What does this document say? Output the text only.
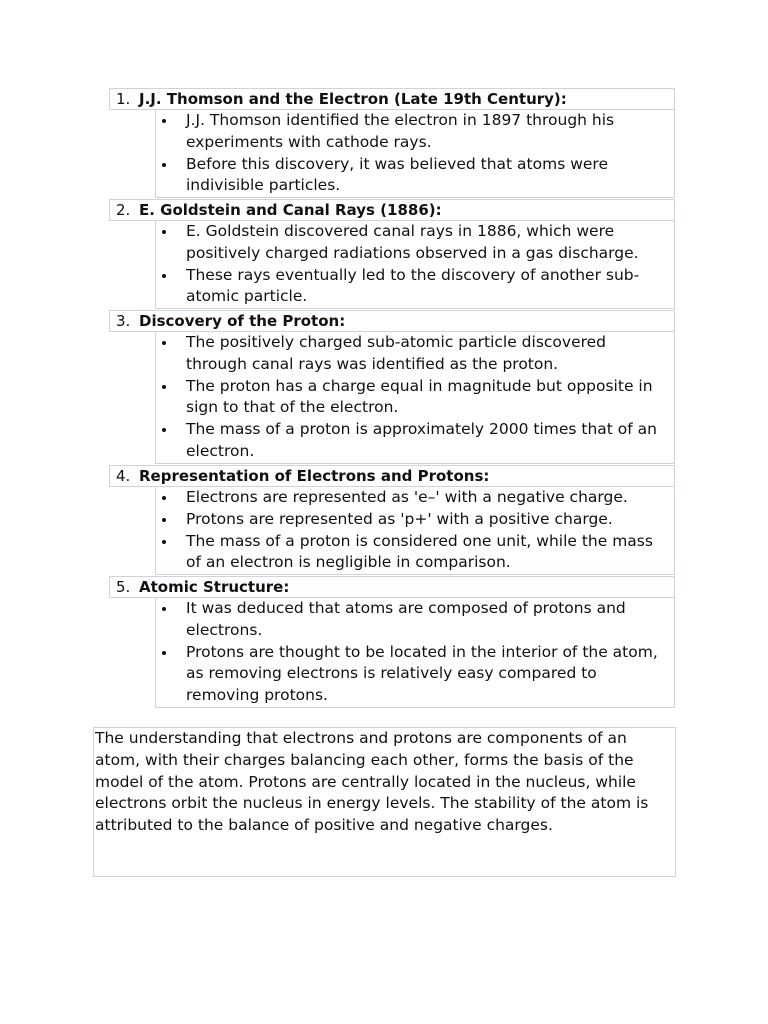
1. J.J. Thomson and the Electron (Late 19th Century):
J.J. Thomson identified the electron in 1897 through his experiments with cathode rays.
Before this discovery, it was believed that atoms were indivisible particles.
2. E. Goldstein and Canal Rays (1886):
E. Goldstein discovered canal rays in 1886, which were positively charged radiations observed in a gas discharge.
These rays eventually led to the discovery of another sub-atomic particle.
3. Discovery of the Proton:
The positively charged sub-atomic particle discovered through canal rays was identified as the proton.
The proton has a charge equal in magnitude but opposite in sign to that of the electron.
The mass of a proton is approximately 2000 times that of an electron.
4. Representation of Electrons and Protons:
Electrons are represented as 'e–' with a negative charge.
Protons are represented as 'p+' with a positive charge.
The mass of a proton is considered one unit, while the mass of an electron is negligible in comparison.
5. Atomic Structure:
It was deduced that atoms are composed of protons and electrons.
Protons are thought to be located in the interior of the atom, as removing electrons is relatively easy compared to removing protons.
The understanding that electrons and protons are components of an atom, with their charges balancing each other, forms the basis of the model of the atom. Protons are centrally located in the nucleus, while electrons orbit the nucleus in energy levels. The stability of the atom is attributed to the balance of positive and negative charges.
